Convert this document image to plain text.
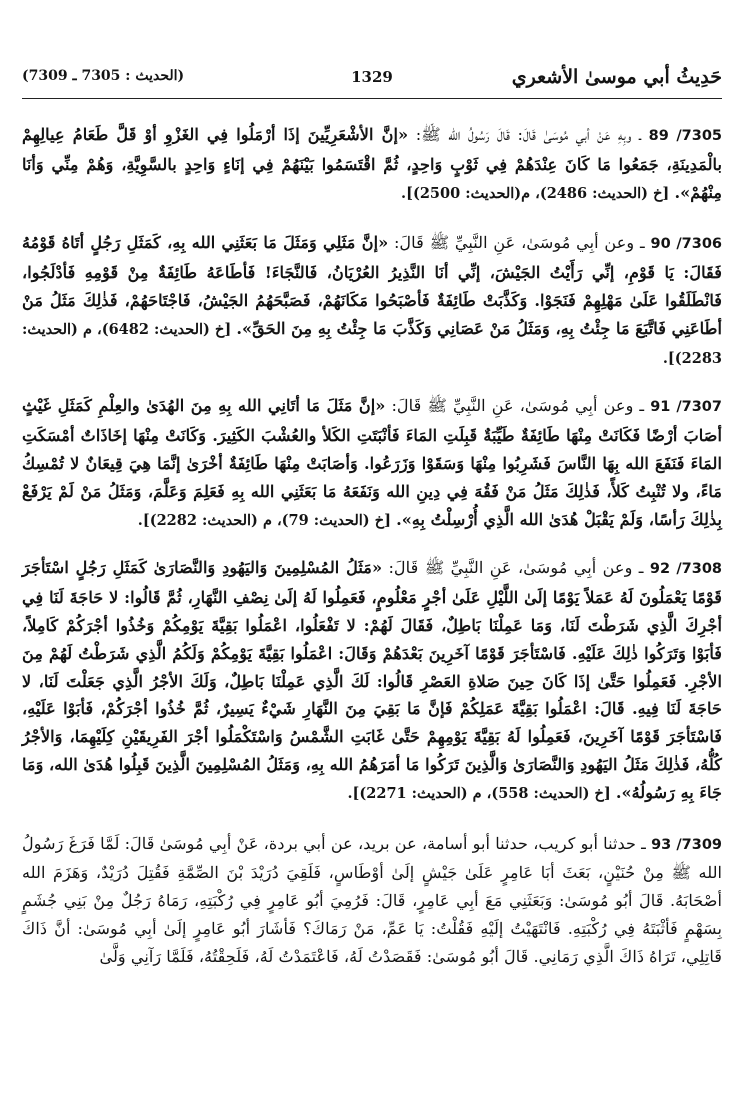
حَدِيثُ أبي موسىٰ الأشعري
1329
(الحديث : 7305 ـ 7309)

7305/ 89 ـ وبِهِ عَنْ أبي مُوسَىٰ قَالَ: قَالَ رَسُولُ الله ﷺ: «إنَّ الأشْعَرِيِّينَ إذَا أرْمَلُوا فِي الغَزْوِ أوْ قَلَّ طَعَامُ عِيالِهِمْ بالْمَدِينَةِ، جَمَعُوا مَا كَانَ عِنْدَهُمْ فِي ثَوْبٍ وَاحِدٍ، ثُمَّ اقْتَسَمُوا بَيْنَهُمْ فِي إنَاءٍ وَاحِدٍ بالسَّوِيَّةِ، وَهُمْ مِنِّي وَأنَا مِنْهُمْ». [خ (الحديث: 2486)، م(الحديث: 2500)].

7306/ 90 ـ وعن أبِي مُوسَىٰ، عَنِ النَّبِيِّ ﷺ قَالَ: «إنَّ مَثَلِي وَمَثَلَ مَا بَعَثَنِي الله بِهِ، كَمَثَلِ رَجُلٍ أتَاهُ قَوْمُهُ فَقَالَ: يَا قَوْمِ، إنِّي رَأَيْتُ الجَيْشَ، إنِّي أنَا النَّذِيرُ العُرْيَانُ، فَالنَّجَاءَ! فَأطَاعَهُ طَائِفَةٌ مِنْ قَوْمِهِ فَأدْلَجُوا، فَانْطَلَقُوا عَلَىٰ مَهْلِهِمْ فَنَجَوْا. وَكَذَّبَتْ طَائِفَةٌ فَأصْبَحُوا مَكَانَهُمْ، فَصَبَّحَهُمُ الجَيْشُ، فَاجْتَاحَهُمْ، فَذٰلِكَ مَثَلُ مَنْ أطَاعَنِي فَاتَّبَعَ مَا جِئْتُ بِهِ، وَمَثَلُ مَنْ عَصَانِي وَكَذَّبَ مَا جِئْتُ بِهِ مِنَ الحَقِّ». [خ (الحديث: 6482)، م (الحديث: 2283)].

7307/ 91 ـ وعن أبِي مُوسَىٰ، عَنِ النَّبِيِّ ﷺ قَالَ: «إنَّ مَثَلَ مَا أتَانِي الله بِهِ مِنَ الهُدَىٰ والعِلْمِ كَمَثَلِ غَيْثٍ أصَابَ أرْضًا فَكَانَتْ مِنْهَا طَائِفَةٌ طَيِّبَةٌ قَبِلَتِ المَاءَ فَأنْبَتَتِ الكَلأ والعُشْبَ الكَثِيرَ. وَكَانَتْ مِنْهَا إخَاذَاتٌ أمْسَكَتِ المَاءَ فَنَفَعَ الله بِهَا النَّاسَ فَشَرِبُوا مِنْهَا وَسَقَوْا وَزَرَعُوا. وَأصَابَتْ مِنْهَا طَائِفَةٌ أخْرَىٰ إنَّمَا هِيَ قِيعَانٌ لا تُمْسِكُ مَاءً، ولا تُنْبِتُ كَلأً، فَذٰلِكَ مَثَلُ مَنْ فَقُهَ فِي دِينِ الله وَنَفَعَهُ مَا بَعَثَنِي الله بِهِ فَعَلِمَ وَعَلَّمَ، وَمَثَلُ مَنْ لَمْ يَرْفَعْ بِذٰلِكَ رَأسًا، وَلَمْ يَقْبَلْ هُدَىٰ الله الَّذِي أُرْسِلْتُ بِهِ». [خ (الحديث: 79)، م (الحديث: 2282)].

7308/ 92 ـ وعن أبِي مُوسَىٰ، عَنِ النَّبِيِّ ﷺ قَالَ: «مَثَلُ المُسْلِمِينَ وَاليَهُودِ وَالنَّصَارَىٰ كَمَثَلِ رَجُلٍ اسْتَأجَرَ قَوْمًا يَعْمَلُونَ لَهُ عَمَلاً يَوْمًا إلَىٰ اللَّيْلِ عَلَىٰ أجْرٍ مَعْلُومٍ، فَعَمِلُوا لَهُ إلَىٰ نِصْفِ النَّهَارِ، ثُمَّ قَالُوا: لا حَاجَةَ لَنَا فِي أجْرِكَ الَّذِي شَرَطْتَ لَنَا، وَمَا عَمِلْنَا بَاطِلٌ، فَقَالَ لَهُمْ: لا تَفْعَلُوا، اعْمَلُوا بَقِيَّةَ يَوْمِكُمْ وَخُذُوا أجْرَكُمْ كَامِلاً، فَأبَوْا وَتَرَكُوا ذٰلِكَ عَلَيْهِ. فَاسْتَأجَرَ قَوْمًا آخَرِينَ بَعْدَهُمْ وَقَالَ: اعْمَلُوا بَقِيَّةَ يَوْمِكُمْ وَلَكُمُ الَّذِي شَرَطْتُ لَهُمْ مِنَ الأجْرِ. فَعَمِلُوا حَتَّىٰ إذَا كَانَ حِينَ صَلاةِ العَصْرِ قَالُوا: لَكَ الَّذِي عَمِلْنَا بَاطِلٌ، وَلَكَ الأجْرُ الَّذِي جَعَلْتَ لَنَا، لا حَاجَةَ لَنَا فِيهِ. قَالَ: اعْمَلُوا بَقِيَّةَ عَمَلِكُمْ فَإنَّ مَا بَقِيَ مِنَ النَّهَارِ شَيْءٌ يَسِيرٌ، ثُمَّ خُذُوا أجْرَكُمْ، فَأبَوْا عَلَيْهِ، فَاسْتَأجَرَ قَوْمًا آخَرِينَ، فَعَمِلُوا لَهُ بَقِيَّةَ يَوْمِهِمْ حَتَّىٰ غَابَتِ الشَّمْسُ وَاسْتَكْمَلُوا أجْرَ الفَرِيقَيْنِ كِلَيْهِمَا، وَالأجْرُ كُلُّهُ، فَذٰلِكَ مَثَلُ اليَهُودِ وَالنَّصَارَىٰ وَالَّذِينَ تَرَكُوا مَا أمَرَهُمُ الله بِهِ، وَمَثَلُ المُسْلِمِينَ الَّذِينَ قَبِلُوا هُدَىٰ الله، وَمَا جَاءَ بِهِ رَسُولُهُ». [خ (الحديث: 558)، م (الحديث: 2271)].

7309/ 93 ـ حدثنا أبو كريب، حدثنا أبو أسامة، عن بريد، عن أبي بردة، عَنْ أبِي مُوسَىٰ قَالَ: لَمَّا فَرَغَ رَسُولُ الله ﷺ مِنْ حُنَيْنٍ، بَعَثَ أبَا عَامِرٍ عَلَىٰ جَيْشٍ إلَىٰ أوْطَاسٍ، فَلَقِيَ دُرَيْدَ بْنَ الصِّمَّةِ فَقُتِلَ دُرَيْدٌ، وَهَزَمَ الله أصْحَابَهُ. قَالَ أبُو مُوسَىٰ: وَبَعَثَنِي مَعَ أبِي عَامِرٍ، قَالَ: فَرُمِيَ أبُو عَامِرٍ فِي رُكْبَتِهِ، رَمَاهُ رَجُلٌ مِنْ بَنِي جُشَمٍ بِسَهْمٍ فَأثْبَتَهُ فِي رُكْبَتِهِ. فَانْتَهَيْتُ إلَيْهِ فَقُلْتُ: يَا عَمِّ، مَنْ رَمَاكَ؟ فَأشَارَ أبُو عَامِرٍ إلَىٰ أبِي مُوسَىٰ: أنَّ ذَاكَ قَاتِلِي، تَرَاهُ ذَاكَ الَّذِي رَمَانِي. قَالَ أبُو مُوسَىٰ: فَقَصَدْتُ لَهُ، فَاعْتَمَدْتُ لَهُ، فَلَحِقْتُهُ، فَلَمَّا رَآنِي وَلَّىٰ
